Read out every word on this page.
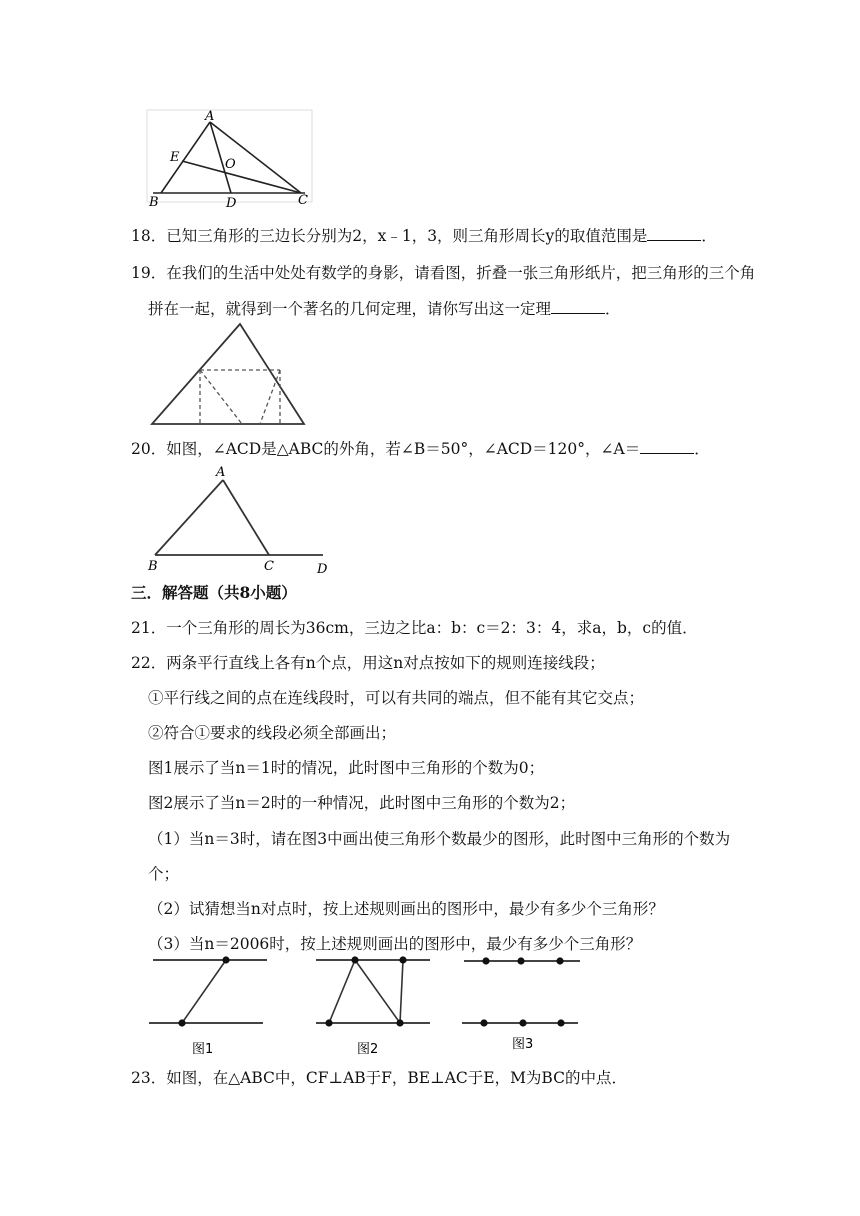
A
E	O
B	D	C
18．已知三角形的三边长分别为2，x﹣1，3，则三角形周长y的取值范围是	．
19．在我们的生活中处处有数学的身影，请看图，折叠一张三角形纸片，把三角形的三个角
拼在一起，就得到一个著名的几何定理，请你写出这一定理	．
20．如图，∠ACD是△ABC的外角，若∠B＝50°，∠ACD＝120°，∠A＝	．
A
B	C	D
三．解答题（共8小题）
21．一个三角形的周长为36cm，三边之比a：b：c＝2：3：4，求a，b，c的值．
22．两条平行直线上各有n个点，用这n对点按如下的规则连接线段；
①平行线之间的点在连线段时，可以有共同的端点，但不能有其它交点；
②符合①要求的线段必须全部画出；
图1展示了当n＝1时的情况，此时图中三角形的个数为0；
图2展示了当n＝2时的一种情况，此时图中三角形的个数为2；
（1）当n＝3时，请在图3中画出使三角形个数最少的图形，此时图中三角形的个数为
个；
（2）试猜想当n对点时，按上述规则画出的图形中，最少有多少个三角形？
（3）当n＝2006时，按上述规则画出的图形中，最少有多少个三角形？
图1	图2	图3
23．如图，在△ABC中，CF⊥AB于F，BE⊥AC于E，M为BC的中点．
